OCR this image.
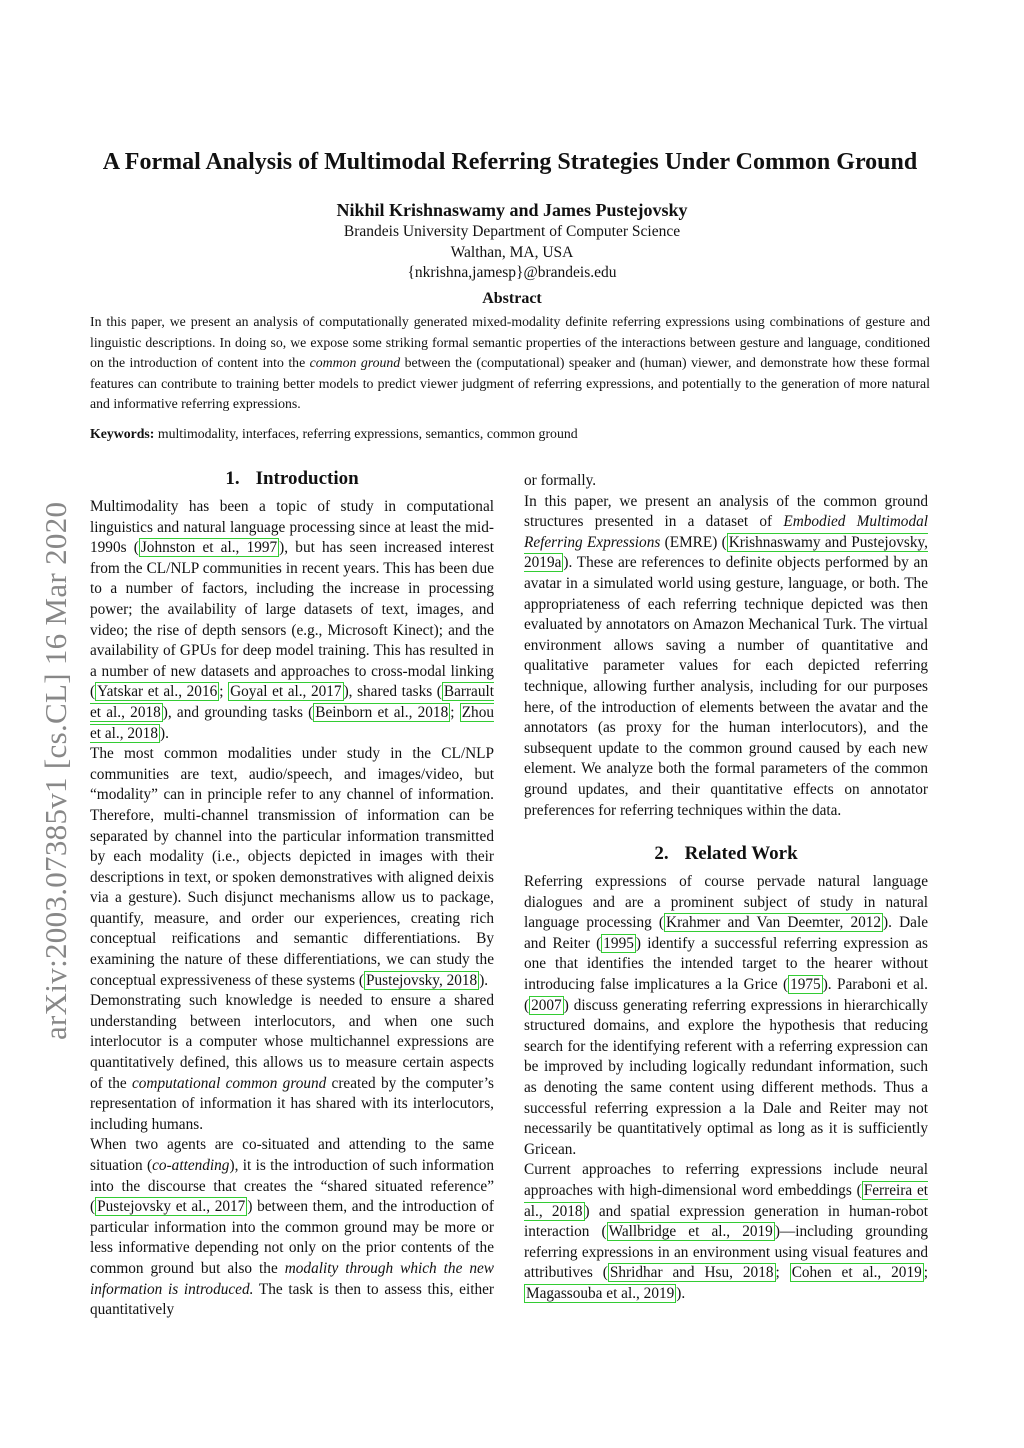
arXiv:2003.07385v1 [cs.CL] 16 Mar 2020
A Formal Analysis of Multimodal Referring Strategies Under Common Ground
Nikhil Krishnaswamy and James Pustejovsky
Brandeis University Department of Computer Science
Walthan, MA, USA
{nkrishna,jamesp}@brandeis.edu
Abstract

In this paper, we present an analysis of computationally generated mixed-modality definite referring expressions using combinations of gesture and linguistic descriptions. In doing so, we expose some striking formal semantic properties of the interactions between gesture and language, conditioned on the introduction of content into the common ground between the (computational) speaker and (human) viewer, and demonstrate how these formal features can contribute to training better models to predict viewer judgment of referring expressions, and potentially to the generation of more natural and informative referring expressions.

Keywords: multimodality, interfaces, referring expressions, semantics, common ground
1. Introduction

Multimodality has been a topic of study in computational linguistics and natural language processing since at least the mid-1990s ( Johnston et al., 1997 ), but has seen increased interest from the CL/NLP communities in recent years. This has been due to a number of factors, including the increase in processing power; the availability of large datasets of text, images, and video; the rise of depth sensors (e.g., Microsoft Kinect); and the availability of GPUs for deep model training. This has resulted in a number of new datasets and approaches to cross-modal linking ( Yatskar et al., 2016 ; Goyal et al., 2017 ), shared tasks ( Barrault et al., 2018 ), and grounding tasks ( Beinborn et al., 2018 ; Zhou et al., 2018 ).

The most common modalities under study in the CL/NLP communities are text, audio/speech, and images/video, but “modality” can in principle refer to any channel of information. Therefore, multi-channel transmission of information can be separated by channel into the particular information transmitted by each modality (i.e., objects depicted in images with their descriptions in text, or spoken demonstratives with aligned deixis via a gesture). Such disjunct mechanisms allow us to package, quantify, measure, and order our experiences, creating rich conceptual reifications and semantic differentiations. By examining the nature of these differentiations, we can study the conceptual expressiveness of these systems ( Pustejovsky, 2018 ).

Demonstrating such knowledge is needed to ensure a shared understanding between interlocutors, and when one such interlocutor is a computer whose multichannel expressions are quantitatively defined, this allows us to measure certain aspects of the computational common ground created by the computer’s representation of information it has shared with its interlocutors, including humans.

When two agents are co-situated and attending to the same situation (co-attending), it is the introduction of such information into the discourse that creates the “shared situated reference” ( Pustejovsky et al., 2017 ) between them, and the introduction of particular information into the common ground may be more or less informative depending not only on the prior contents of the common ground but also the modality through which the new information is introduced. The task is then to assess this, either quantitatively

or formally.

In this paper, we present an analysis of the common ground structures presented in a dataset of Embodied Multimodal Referring Expressions (EMRE) ( Krishnaswamy and Pustejovsky, 2019a ). These are references to definite objects performed by an avatar in a simulated world using gesture, language, or both. The appropriateness of each referring technique depicted was then evaluated by annotators on Amazon Mechanical Turk. The virtual environment allows saving a number of quantitative and qualitative parameter values for each depicted referring technique, allowing further analysis, including for our purposes here, of the introduction of elements between the avatar and the annotators (as proxy for the human interlocutors), and the subsequent update to the common ground caused by each new element. We analyze both the formal parameters of the common ground updates, and their quantitative effects on annotator preferences for referring techniques within the data.

2. Related Work

Referring expressions of course pervade natural language dialogues and are a prominent subject of study in natural language processing ( Krahmer and Van Deemter, 2012 ). Dale and Reiter ( 1995 ) identify a successful referring expression as one that identifies the intended target to the hearer without introducing false implicatures a la Grice ( 1975 ). Paraboni et al. ( 2007 ) discuss generating referring expressions in hierarchically structured domains, and explore the hypothesis that reducing search for the identifying referent with a referring expression can be improved by including logically redundant information, such as denoting the same content using different methods. Thus a successful referring expression a la Dale and Reiter may not necessarily be quantitatively optimal as long as it is sufficiently Gricean.

Current approaches to referring expressions include neural approaches with high-dimensional word embeddings ( Ferreira et al., 2018 ) and spatial expression generation in human-robot interaction ( Wallbridge et al., 2019 )—including grounding referring expressions in an environment using visual features and attributives ( Shridhar and Hsu, 2018 ; Cohen et al., 2019 ; Magassouba et al., 2019 ).
